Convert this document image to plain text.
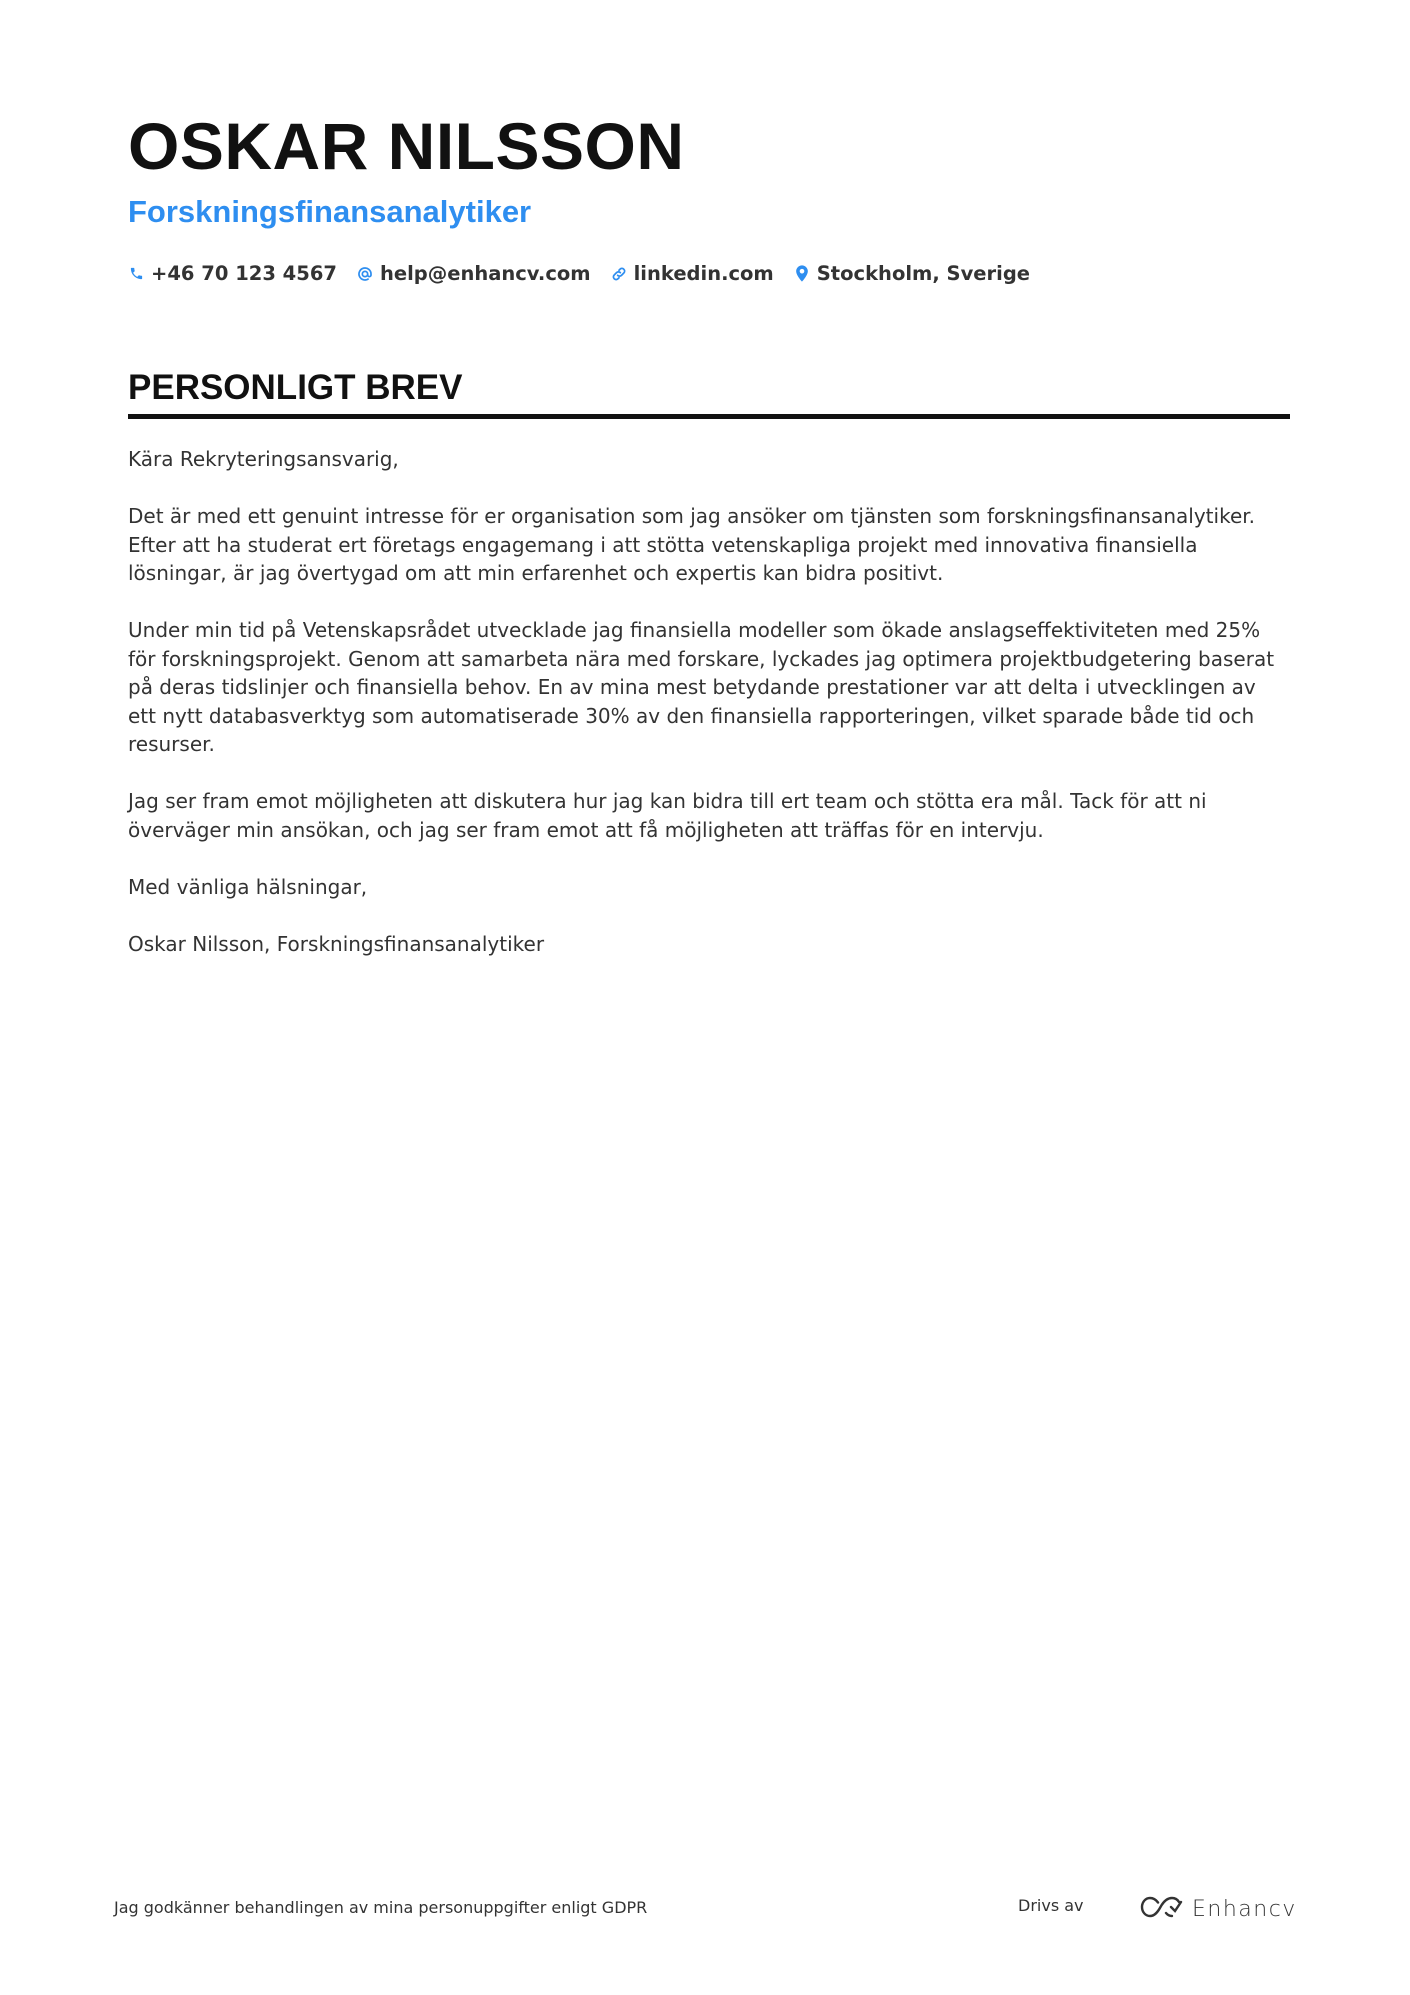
OSKAR NILSSON
Forskningsfinansanalytiker
+46 70 123 4567 help@enhancv.com linkedin.com Stockholm, Sverige
PERSONLIGT BREV

Kära Rekryteringsansvarig,

Det är med ett genuint intresse för er organisation som jag ansöker om tjänsten som forskningsfinansanalytiker. Efter att ha studerat ert företags engagemang i att stötta vetenskapliga projekt med innovativa finansiella lösningar, är jag övertygad om att min erfarenhet och expertis kan bidra positivt.

Under min tid på Vetenskapsrådet utvecklade jag finansiella modeller som ökade anslagseffektiviteten med 25% för forskningsprojekt. Genom att samarbeta nära med forskare, lyckades jag optimera projektbudgetering baserat på deras tidslinjer och finansiella behov. En av mina mest betydande prestationer var att delta i utvecklingen av ett nytt databasverktyg som automatiserade 30% av den finansiella rapporteringen, vilket sparade både tid och resurser.

Jag ser fram emot möjligheten att diskutera hur jag kan bidra till ert team och stötta era mål. Tack för att ni överväger min ansökan, och jag ser fram emot att få möjligheten att träffas för en intervju.

Med vänliga hälsningar,

Oskar Nilsson, Forskningsfinansanalytiker

Jag godkänner behandlingen av mina personuppgifter enligt GDPR	Drivs av	Enhancv
